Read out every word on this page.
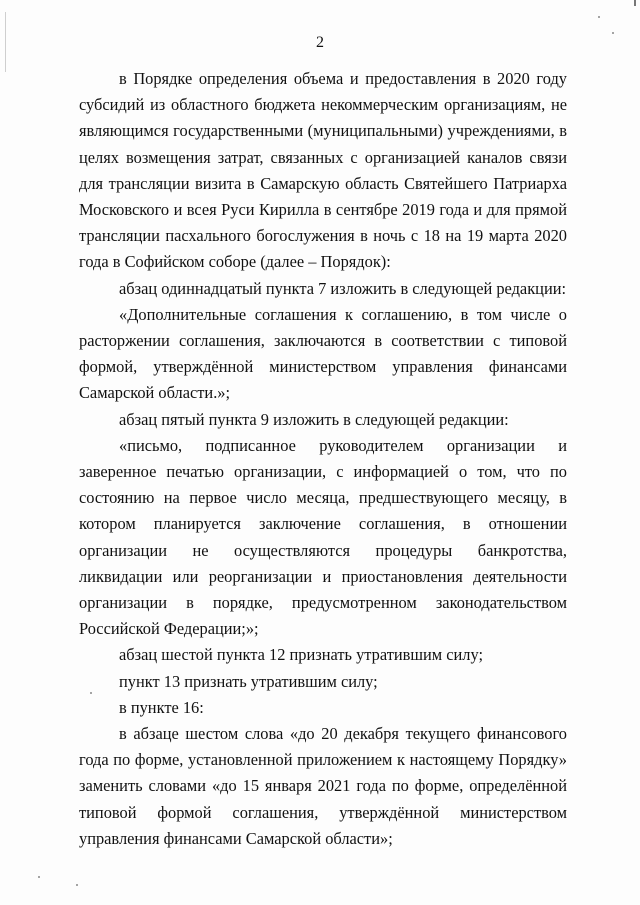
2

в Порядке определения объема и предоставления в 2020 году субсидий из областного бюджета некоммерческим организациям, не являющимся государственными (муниципальными) учреждениями, в целях возмещения затрат, связанных с организацией каналов связи для трансляции визита в Самарскую область Святейшего Патриарха Московского и всея Руси Кирилла в сентябре 2019 года и для прямой трансляции пасхального богослужения в ночь с 18 на 19 марта 2020 года в Софийском соборе (далее – Порядок):

абзац одиннадцатый пункта 7 изложить в следующей редакции:

«Дополнительные соглашения к соглашению, в том числе о расторжении соглашения, заключаются в соответствии с типовой формой, утверждённой министерством управления финансами Самарской области.»;

абзац пятый пункта 9 изложить в следующей редакции:

«письмо, подписанное руководителем организации и заверенное печатью организации, с информацией о том, что по состоянию на первое число месяца, предшествующего месяцу, в котором планируется заключение соглашения, в отношении организации не осуществляются процедуры банкротства, ликвидации или реорганизации и приостановления деятельности организации в порядке, предусмотренном законодательством Российской Федерации;»;

абзац шестой пункта 12 признать утратившим силу;

пункт 13 признать утратившим силу;

в пункте 16:

в абзаце шестом слова «до 20 декабря текущего финансового года по форме, установленной приложением к настоящему Порядку» заменить словами «до 15 января 2021 года по форме, определённой типовой формой соглашения, утверждённой министерством управления финансами Самарской области»;
